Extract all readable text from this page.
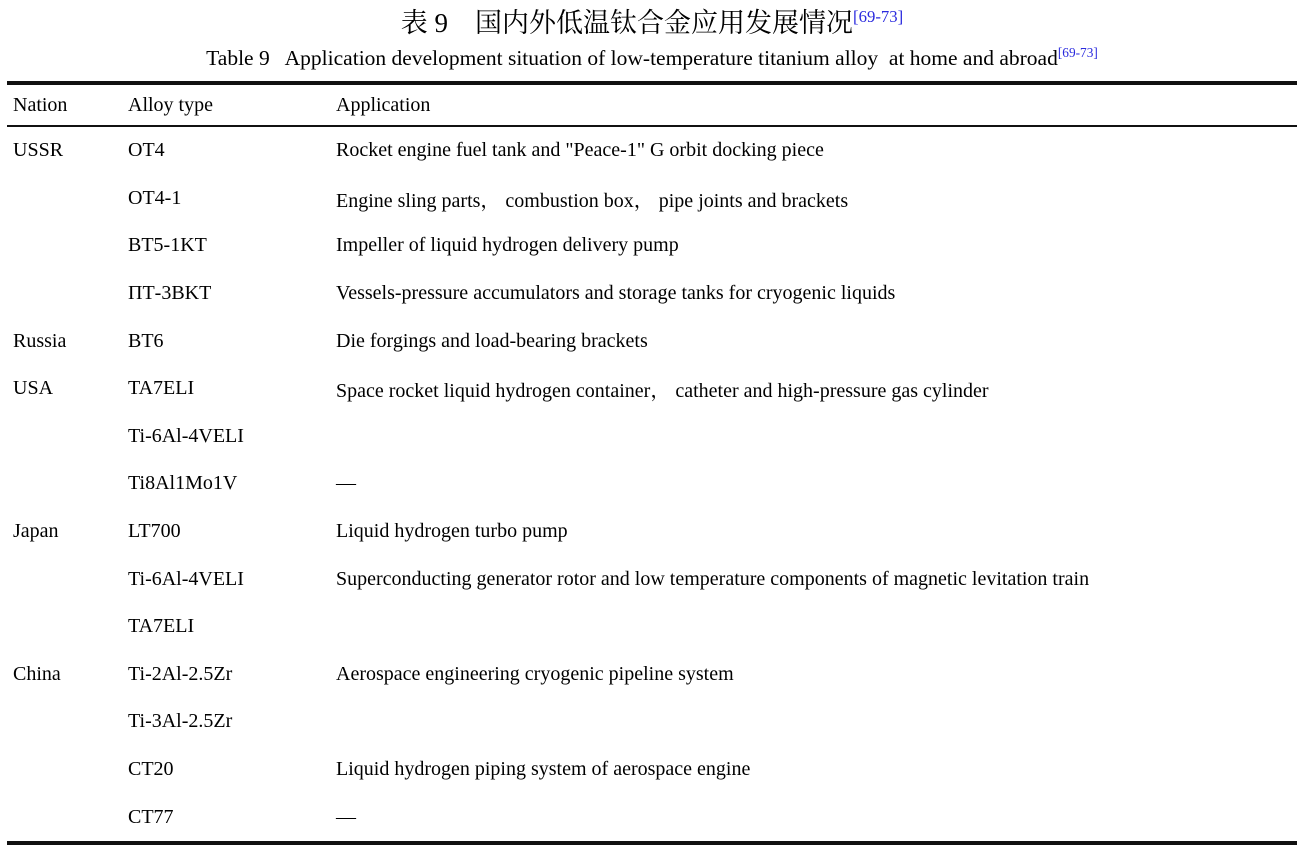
表 9　国内外低温钛合金应用发展情况[69-73]
Table 9   Application development situation of low-temperature titanium alloy  at home and abroad[69-73]
Nation	Alloy type	Application
USSR	OT4	Rocket engine fuel tank and "Peace-1" G orbit docking piece
	OT4-1	Engine sling parts， combustion box， pipe joints and brackets
	BT5-1KT	Impeller of liquid hydrogen delivery pump
	ПТ-3BKT	Vessels-pressure accumulators and storage tanks for cryogenic liquids
Russia	BT6	Die forgings and load-bearing brackets
USA	TA7ELI	Space rocket liquid hydrogen container， catheter and high-pressure gas cylinder
	Ti-6Al-4VELI	
	Ti8Al1Mo1V	—
Japan	LT700	Liquid hydrogen turbo pump
	Ti-6Al-4VELI	Superconducting generator rotor and low temperature components of magnetic levitation train
	TA7ELI	
China	Ti-2Al-2.5Zr	Aerospace engineering cryogenic pipeline system
	Ti-3Al-2.5Zr	
	CT20	Liquid hydrogen piping system of aerospace engine
	CT77	—
